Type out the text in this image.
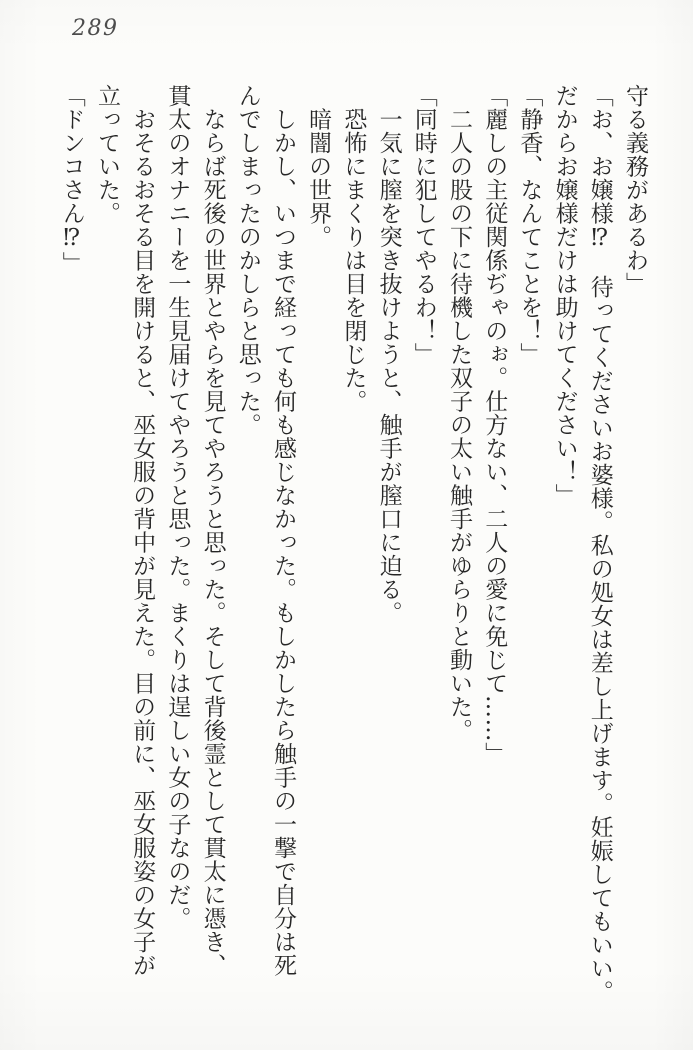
289

守る義務があるわ」

「お、お嬢様⁉　待ってくださいお婆様。私の処女は差し上げます。妊娠してもいい。

だからお嬢様だけは助けてください！」

「静香、なんてことを！」

「麗しの主従関係ぢゃのぉ。仕方ない、二人の愛に免じて……」

　二人の股の下に待機した双子の太い触手がゆらりと動いた。

「同時に犯してやるわ！」

　一気に膣を突き抜けようと、触手が膣口に迫る。

　恐怖にまくりは目を閉じた。

　暗闇の世界。

　しかし、いつまで経っても何も感じなかった。もしかしたら触手の一撃で自分は死

んでしまったのかしらと思った。

　ならば死後の世界とやらを見てやろうと思った。そして背後霊として貫太に憑き、

貫太のオナニーを一生見届けてやろうと思った。まくりは逞しい女の子なのだ。

　おそるおそる目を開けると、巫女服の背中が見えた。目の前に、巫女服姿の女子が

立っていた。

「ドンコさん⁉」
